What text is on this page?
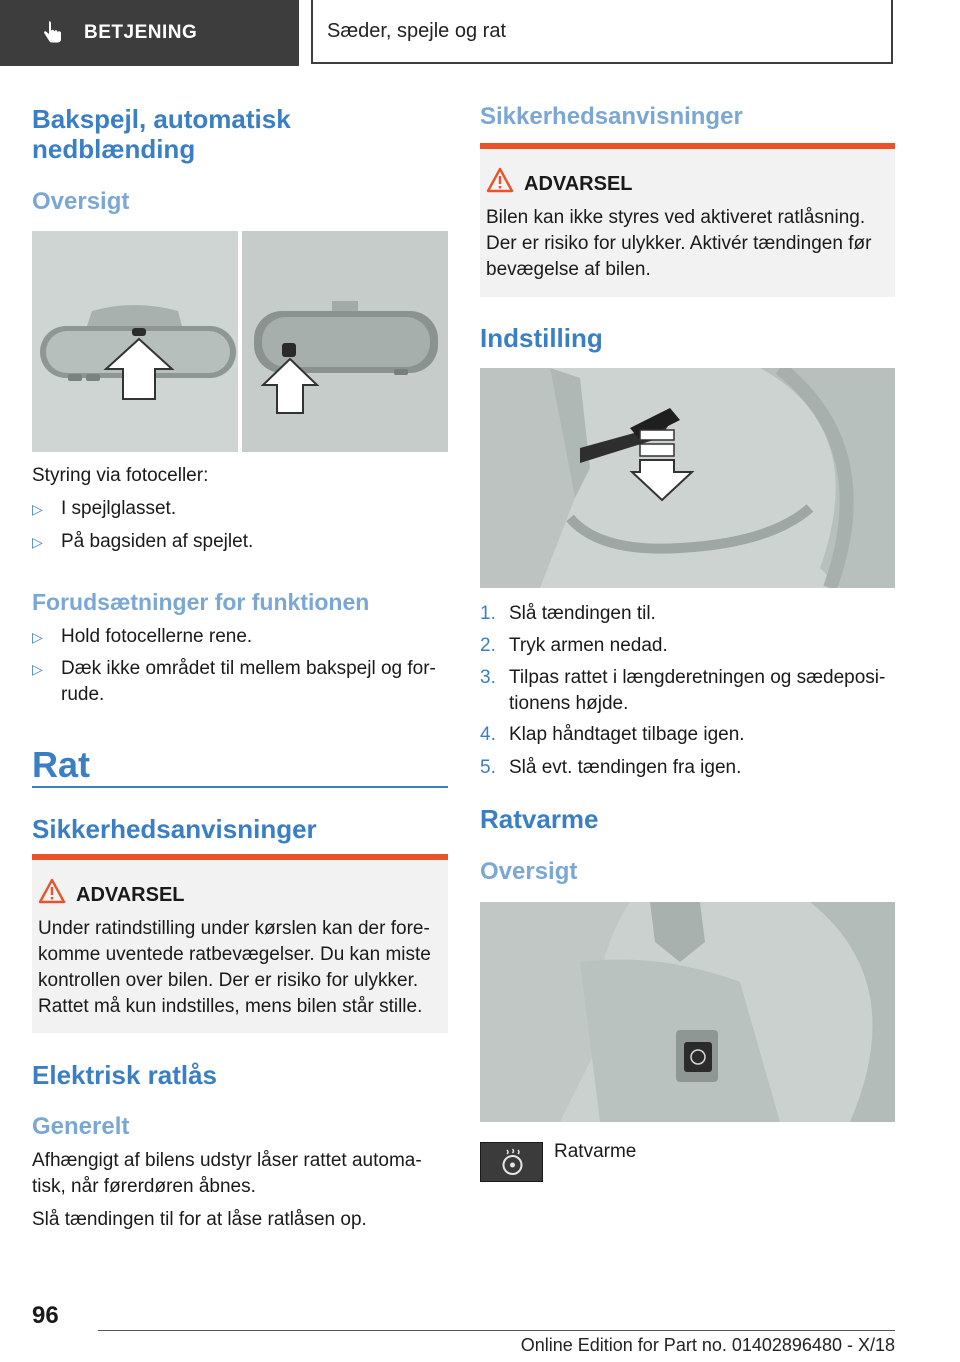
BETJENING	Sæder, spejle og rat
Bakspejl, automatisk
nedblænding
Oversigt

Styring via fotoceller:

▷ I spejlglasset.
▷ På bagsiden af spejlet.
Forudsætninger for funktionen
▷ Hold fotocellerne rene.
▷ Dæk ikke området til mellem bakspejl og for-
rude.
Rat
Sikkerhedsanvisninger
ADVARSEL
Under ratindstilling under kørslen kan der fore-
komme uventede ratbevægelser. Du kan miste
kontrollen over bilen. Der er risiko for ulykker.
Rattet må kun indstilles, mens bilen står stille.
Elektrisk ratlås
Generelt
Afhængigt af bilens udstyr låser rattet automa-
tisk, når førerdøren åbnes.

Slå tændingen til for at låse ratlåsen op.

Sikkerhedsanvisninger
ADVARSEL
Bilen kan ikke styres ved aktiveret ratlåsning.
Der er risiko for ulykker. Aktivér tændingen før
bevægelse af bilen.
Indstilling
1. Slå tændingen til.
2. Tryk armen nedad.
3. Tilpas rattet i længderetningen og sædeposi-
tionens højde.
4. Klap håndtaget tilbage igen.
5. Slå evt. tændingen fra igen.
Ratvarme
Oversigt
Ratvarme
96
Online Edition for Part no. 01402896480 - X/18
